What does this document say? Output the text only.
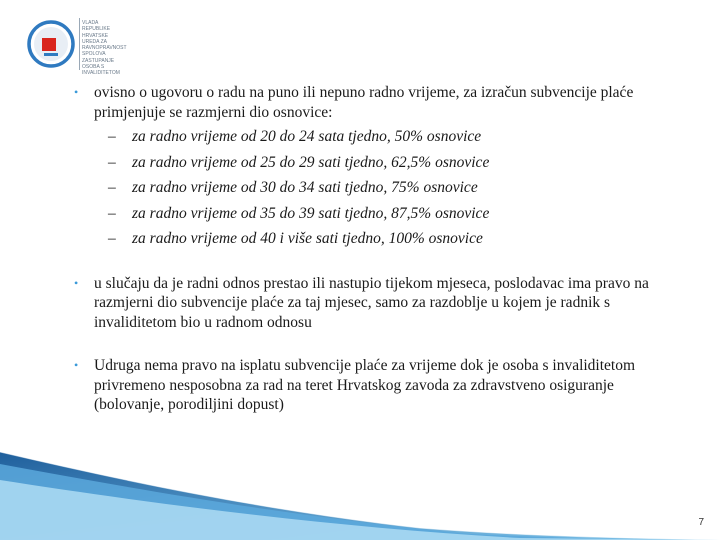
VLADA
REPUBLIKE
HRVATSKE
UREDA ZA
RAVNOPRAVNOST
SPOLOVA
ZASTUPANJE
OSOBA S
INVALIDITETOM
• ovisno o ugovoru o radu na puno ili nepuno radno vrijeme, za izračun subvencije plaće primjenjuje se razmjerni dio osnovice:
– za radno vrijeme od 20 do 24 sata tjedno, 50% osnovice
– za radno vrijeme od 25 do 29 sati tjedno, 62,5% osnovice
– za radno vrijeme od 30 do 34 sati tjedno, 75% osnovice
– za radno vrijeme od 35 do 39 sati tjedno, 87,5% osnovice
– za radno vrijeme od 40 i više sati tjedno, 100% osnovice
• u slučaju da je radni odnos prestao ili nastupio tijekom mjeseca, poslodavac ima pravo na razmjerni dio subvencije plaće za taj mjesec, samo za razdoblje u kojem je radnik s invaliditetom bio u radnom odnosu
• Udruga nema pravo na isplatu subvencije plaće za vrijeme dok je osoba s invaliditetom privremeno nesposobna za rad na teret Hrvatskog zavoda za zdravstveno osiguranje (bolovanje, porodiljini dopust)
7
